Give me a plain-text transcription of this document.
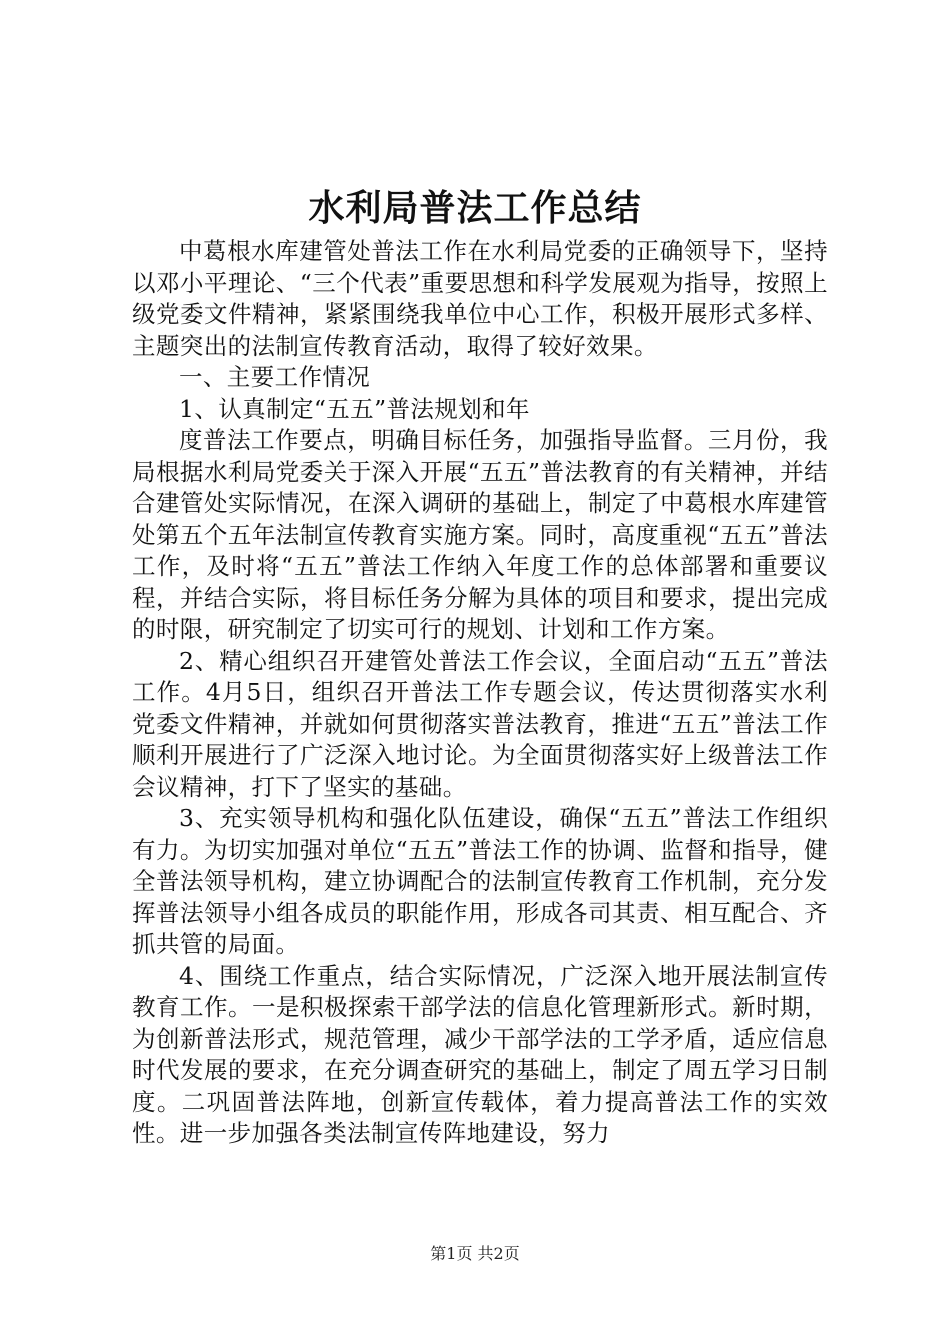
水利局普法工作总结

中葛根水库建管处普法工作在水利局党委的正确领导下，坚持以邓小平理论、“三个代表”重要思想和科学发展观为指导，按照上级党委文件精神，紧紧围绕我单位中心工作，积极开展形式多样、主题突出的法制宣传教育活动，取得了较好效果。

一、主要工作情况

1、认真制定“五五”普法规划和年

度普法工作要点，明确目标任务，加强指导监督。三月份，我局根据水利局党委关于深入开展“五五”普法教育的有关精神，并结合建管处实际情况，在深入调研的基础上，制定了中葛根水库建管处第五个五年法制宣传教育实施方案。同时，高度重视“五五”普法工作，及时将“五五”普法工作纳入年度工作的总体部署和重要议程，并结合实际，将目标任务分解为具体的项目和要求，提出完成的时限，研究制定了切实可行的规划、计划和工作方案。

2、精心组织召开建管处普法工作会议，全面启动“五五”普法工作。4月5日，组织召开普法工作专题会议，传达贯彻落实水利党委文件精神，并就如何贯彻落实普法教育，推进“五五”普法工作顺利开展进行了广泛深入地讨论。为全面贯彻落实好上级普法工作会议精神，打下了坚实的基础。

3、充实领导机构和强化队伍建设，确保“五五”普法工作组织有力。为切实加强对单位“五五”普法工作的协调、监督和指导，健全普法领导机构，建立协调配合的法制宣传教育工作机制，充分发挥普法领导小组各成员的职能作用，形成各司其责、相互配合、齐抓共管的局面。

4、围绕工作重点，结合实际情况，广泛深入地开展法制宣传教育工作。一是积极探索干部学法的信息化管理新形式。新时期，为创新普法形式，规范管理，减少干部学法的工学矛盾，适应信息时代发展的要求，在充分调查研究的基础上，制定了周五学习日制度。二巩固普法阵地，创新宣传载体，着力提高普法工作的实效性。进一步加强各类法制宣传阵地建设，努力

第1页 共2页
